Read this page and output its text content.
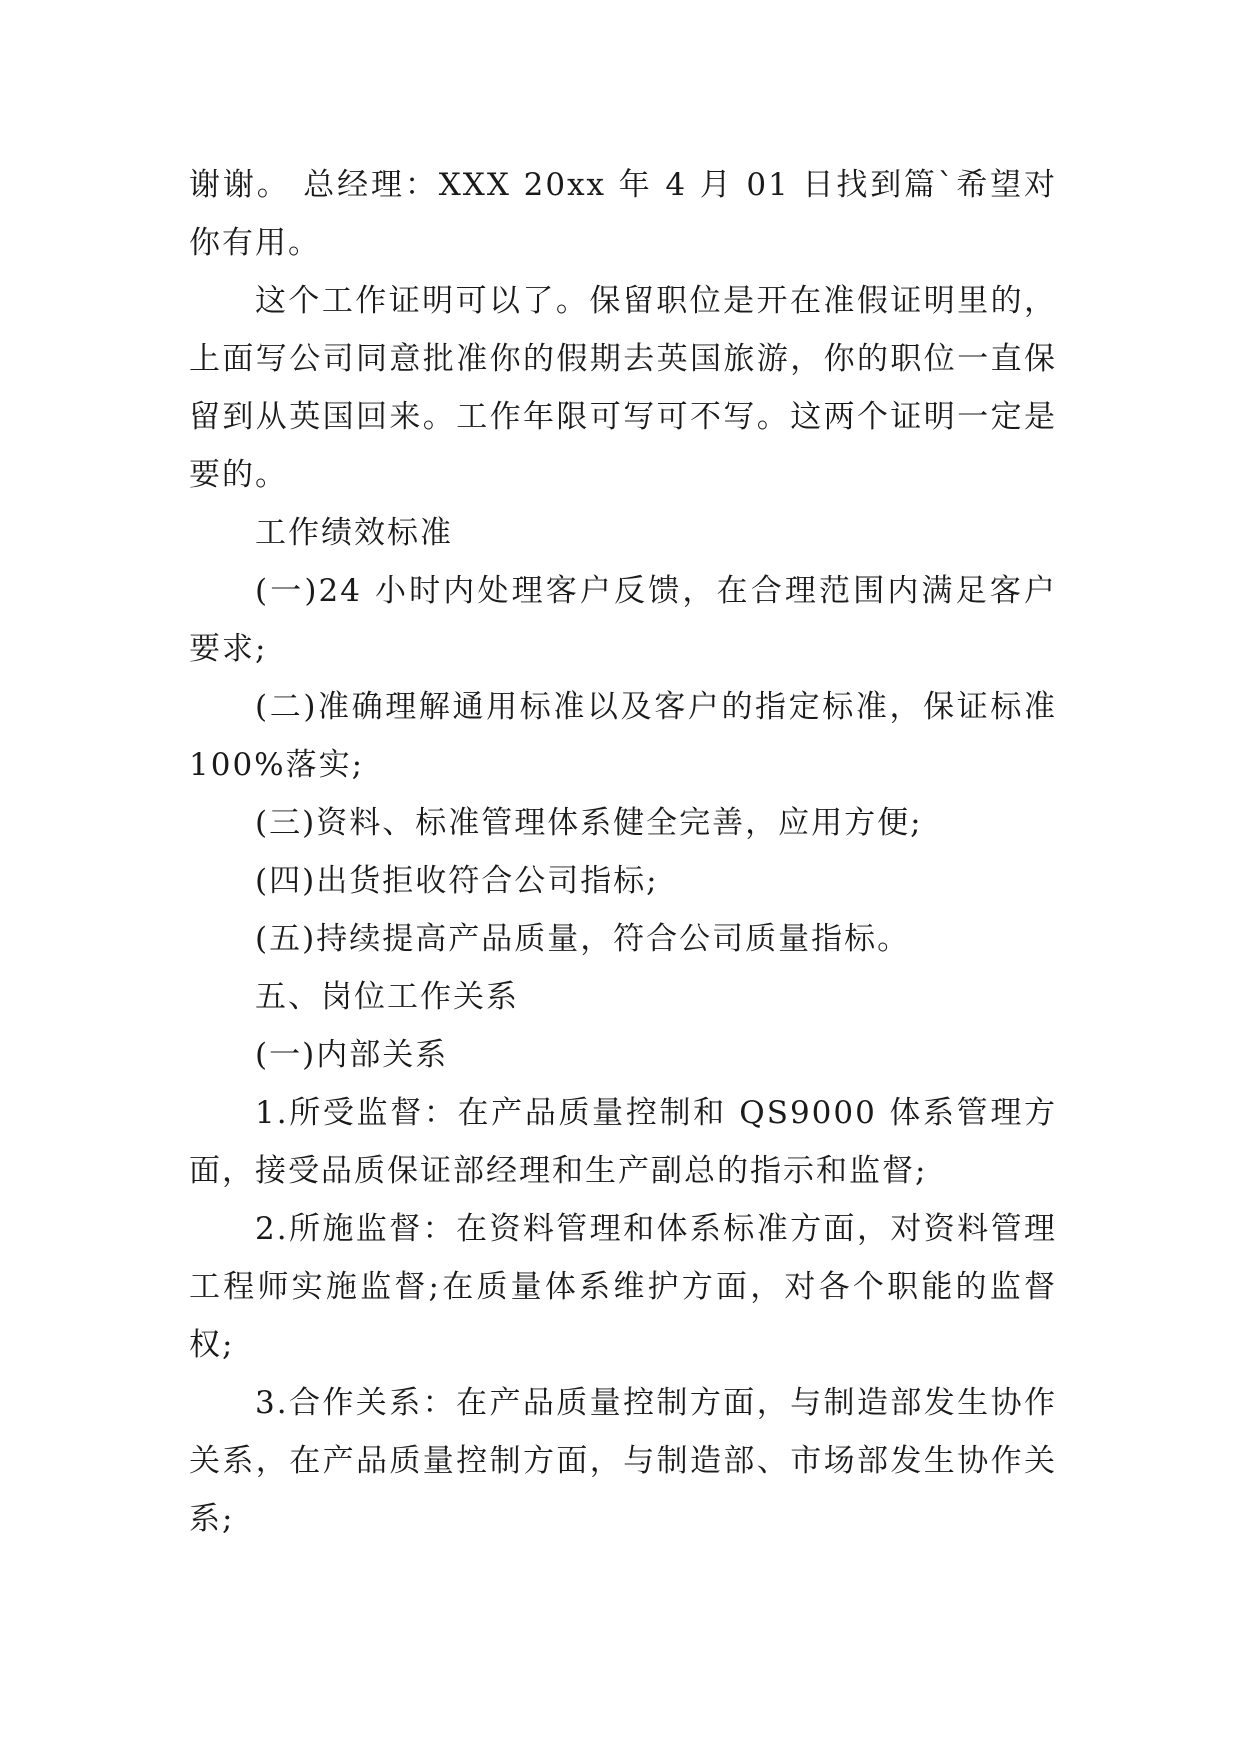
谢谢。 总经理：XXX 20xx 年 4 月 01 日找到篇`希望对你有用。

这个工作证明可以了。保留职位是开在准假证明里的，上面写公司同意批准你的假期去英国旅游，你的职位一直保留到从英国回来。工作年限可写可不写。这两个证明一定是要的。

工作绩效标准

(一)24 小时内处理客户反馈，在合理范围内满足客户要求;

(二)准确理解通用标准以及客户的指定标准，保证标准100%落实;

(三)资料、标准管理体系健全完善，应用方便;

(四)出货拒收符合公司指标;

(五)持续提高产品质量，符合公司质量指标。

五、岗位工作关系

(一)内部关系

1.所受监督：在产品质量控制和 QS9000 体系管理方面，接受品质保证部经理和生产副总的指示和监督;

2.所施监督：在资料管理和体系标准方面，对资料管理工程师实施监督;在质量体系维护方面，对各个职能的监督权;

3.合作关系：在产品质量控制方面，与制造部发生协作关系，在产品质量控制方面，与制造部、市场部发生协作关系;
